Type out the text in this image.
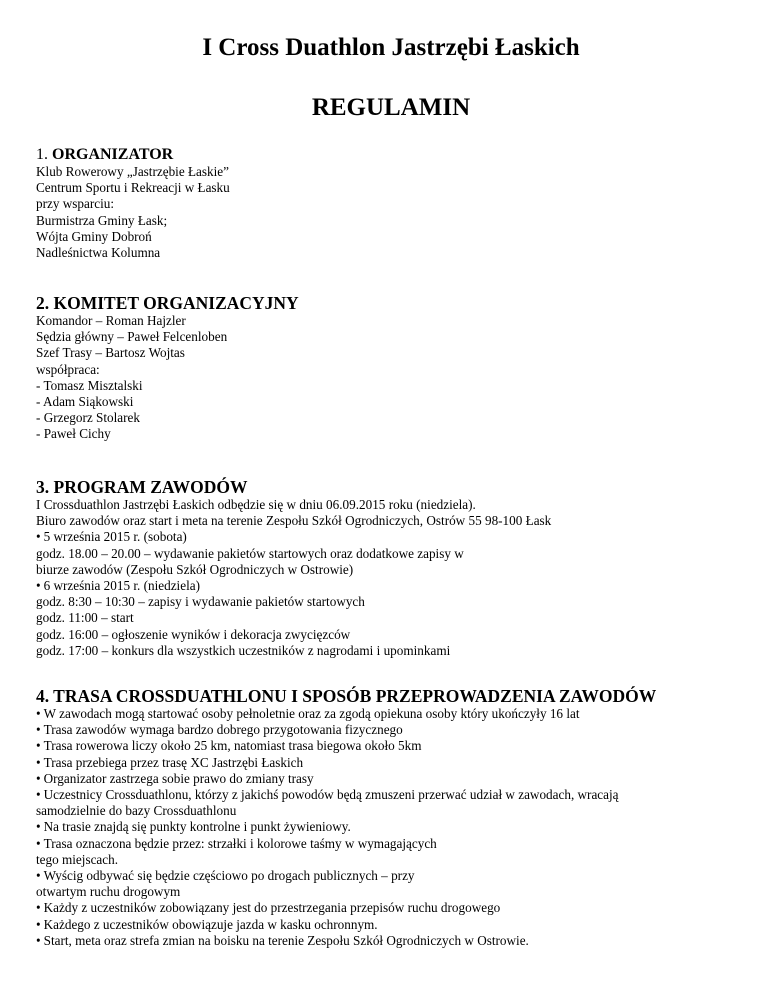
I Cross Duathlon Jastrzębi Łaskich
REGULAMIN
1. ORGANIZATOR
Klub Rowerowy „Jastrzębie Łaskie”
Centrum Sportu i Rekreacji w Łasku
przy wsparciu:
Burmistrza Gminy Łask;
Wójta Gminy Dobroń
Nadleśnictwa Kolumna
2. KOMITET ORGANIZACYJNY
Komandor – Roman Hajzler
Sędzia główny – Paweł Felcenloben
Szef Trasy – Bartosz Wojtas
współpraca:
- Tomasz Misztalski
- Adam Siąkowski
- Grzegorz Stolarek
- Paweł Cichy
3. PROGRAM ZAWODÓW
I Crossduathlon Jastrzębi Łaskich odbędzie się w dniu 06.09.2015 roku (niedziela).
Biuro zawodów oraz start i meta na terenie Zespołu Szkół Ogrodniczych, Ostrów 55 98-100 Łask
• 5 września 2015 r. (sobota)
godz. 18.00 – 20.00 – wydawanie pakietów startowych oraz dodatkowe zapisy w
biurze zawodów (Zespołu Szkół Ogrodniczych w Ostrowie)
• 6 września 2015 r. (niedziela)
godz. 8:30 – 10:30 – zapisy i wydawanie pakietów startowych
godz. 11:00 – start
godz. 16:00 – ogłoszenie wyników i dekoracja zwycięzców
godz. 17:00 – konkurs dla wszystkich uczestników z nagrodami i upominkami
4. TRASA CROSSDUATHLONU I SPOSÓB PRZEPROWADZENIA ZAWODÓW
• W zawodach mogą startować osoby pełnoletnie oraz za zgodą opiekuna osoby który ukończyły 16 lat
• Trasa zawodów wymaga bardzo dobrego przygotowania fizycznego
• Trasa rowerowa liczy około 25 km, natomiast trasa biegowa około 5km
• Trasa przebiega przez trasę XC Jastrzębi Łaskich
• Organizator zastrzega sobie prawo do zmiany trasy
• Uczestnicy Crossduathlonu, którzy z jakichś powodów będą zmuszeni przerwać udział w zawodach, wracają
samodzielnie do bazy Crossduathlonu
• Na trasie znajdą się punkty kontrolne i punkt żywieniowy.
• Trasa oznaczona będzie przez: strzałki i kolorowe taśmy w wymagających
tego miejscach.
• Wyścig odbywać się będzie częściowo po drogach publicznych – przy
otwartym ruchu drogowym
• Każdy z uczestników zobowiązany jest do przestrzegania przepisów ruchu drogowego
• Każdego z uczestników obowiązuje jazda w kasku ochronnym.
• Start, meta oraz strefa zmian na boisku na terenie Zespołu Szkół Ogrodniczych w Ostrowie.
